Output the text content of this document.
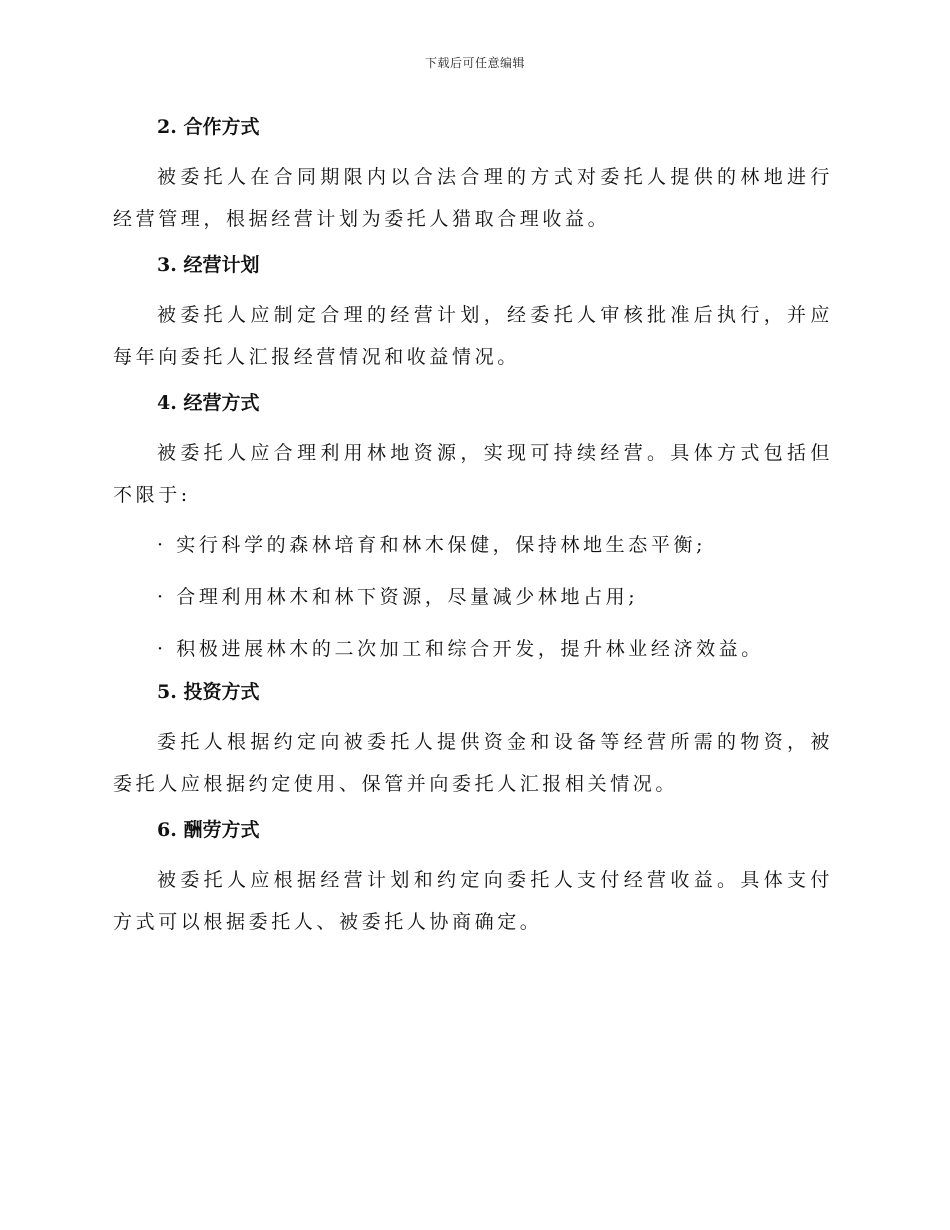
下载后可任意编辑
2. 合作方式

被委托人在合同期限内以合法合理的方式对委托人提供的林地进行经营管理，根据经营计划为委托人猎取合理收益。

3. 经营计划

被委托人应制定合理的经营计划，经委托人审核批准后执行，并应每年向委托人汇报经营情况和收益情况。

4. 经营方式

被委托人应合理利用林地资源，实现可持续经营。具体方式包括但不限于:

· 实行科学的森林培育和林木保健，保持林地生态平衡;

· 合理利用林木和林下资源，尽量减少林地占用;

· 积极进展林木的二次加工和综合开发，提升林业经济效益。

5. 投资方式

委托人根据约定向被委托人提供资金和设备等经营所需的物资，被委托人应根据约定使用、保管并向委托人汇报相关情况。

6. 酬劳方式

被委托人应根据经营计划和约定向委托人支付经营收益。具体支付方式可以根据委托人、被委托人协商确定。
